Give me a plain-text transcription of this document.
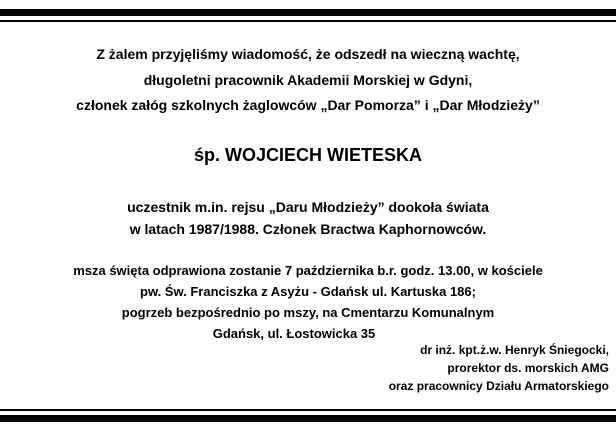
Z żalem przyjęliśmy wiadomość, że odszedł na wieczną wachtę,

długoletni pracownik Akademii Morskiej w Gdyni,

członek załóg szkolnych żaglowców „Dar Pomorza” i „Dar Młodzieży”

śp. WOJCIECH WIETESKA

uczestnik m.in. rejsu „Daru Młodzieży” dookoła świata

w latach 1987/1988. Członek Bractwa Kaphornowców.

msza święta odprawiona zostanie 7 października b.r. godz. 13.00, w kościele

pw. Św. Franciszka z Asyżu - Gdańsk ul. Kartuska 186;

pogrzeb bezpośrednio po mszy, na Cmentarzu Komunalnym

Gdańsk, ul. Łostowicka 35

dr inż. kpt.ż.w. Henryk Śniegocki,

prorektor ds. morskich AMG

oraz pracownicy Działu Armatorskiego
